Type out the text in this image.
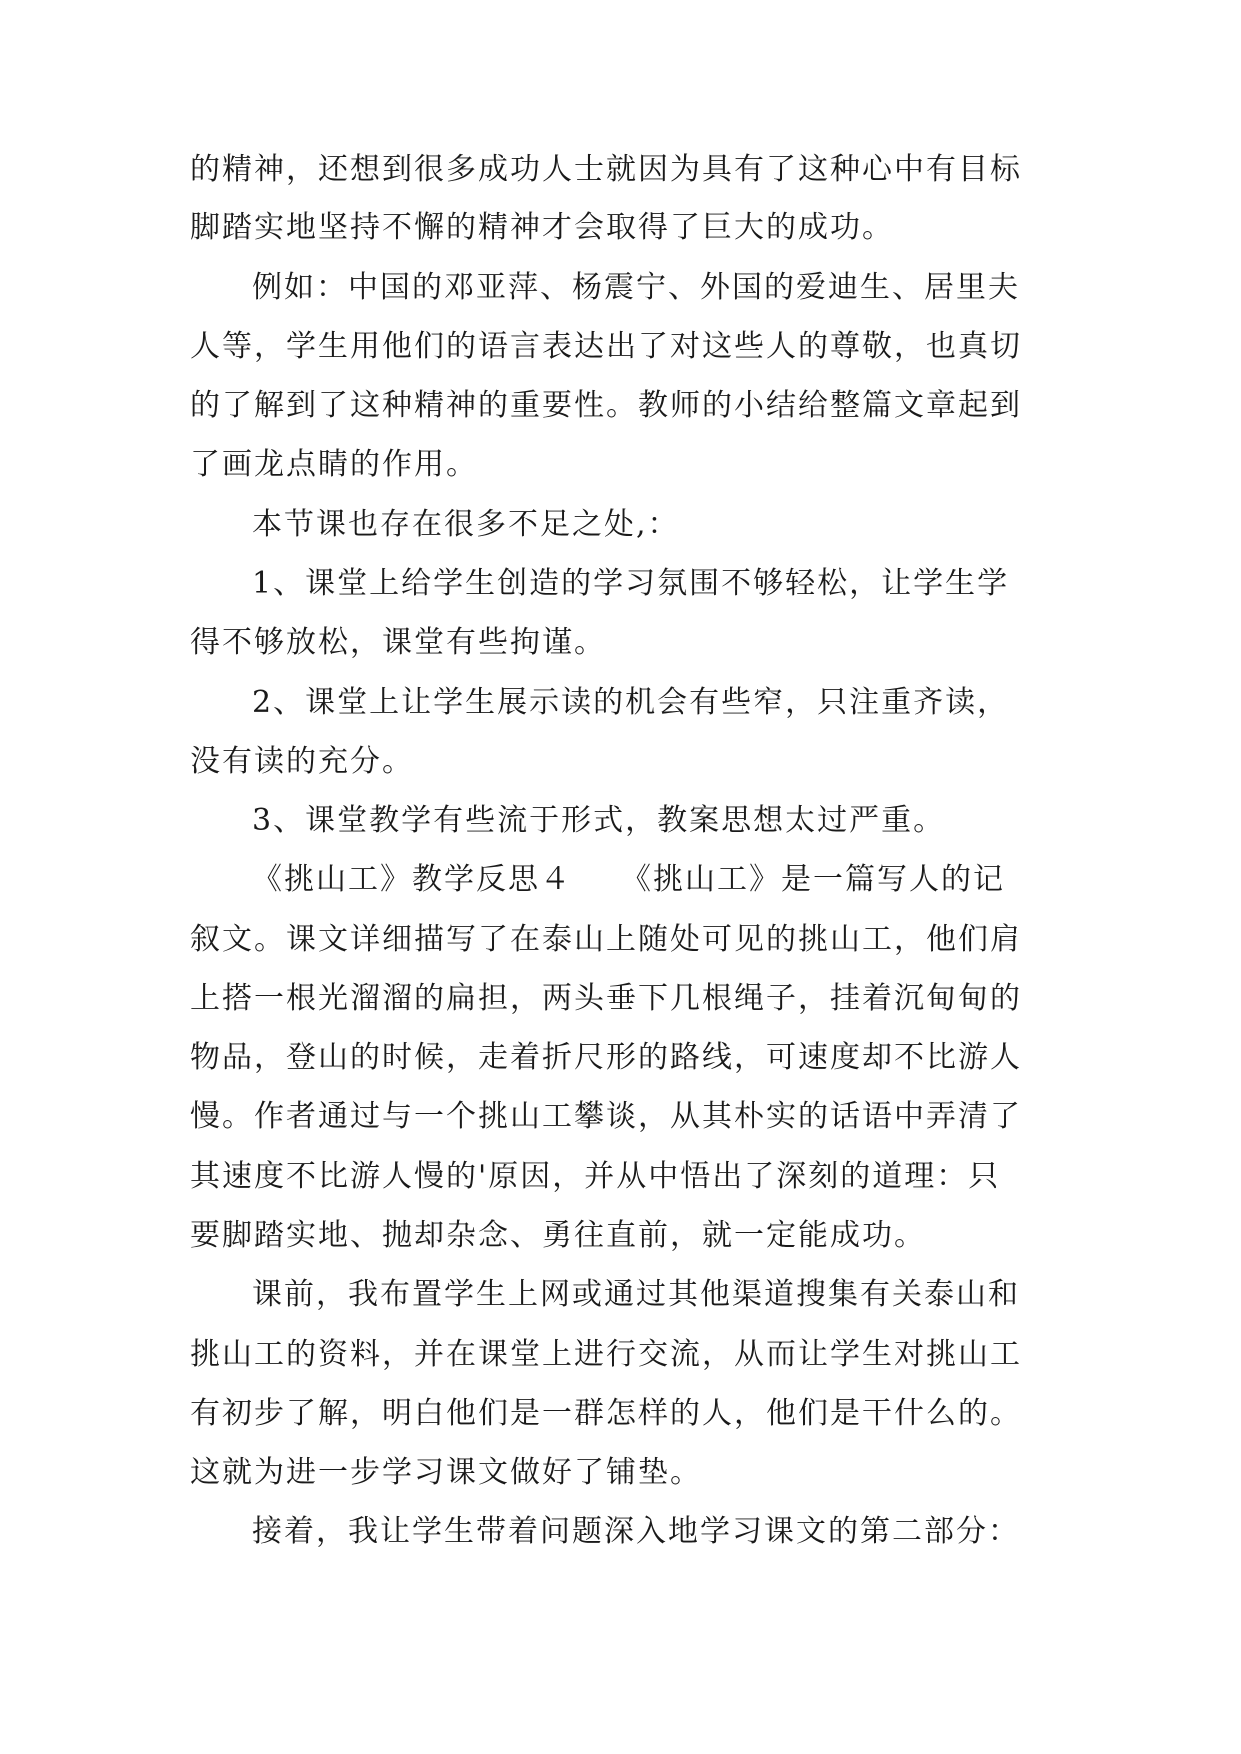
的精神，还想到很多成功人士就因为具有了这种心中有目标
脚踏实地坚持不懈的精神才会取得了巨大的成功。
例如：中国的邓亚萍、杨震宁、外国的爱迪生、居里夫
人等，学生用他们的语言表达出了对这些人的尊敬，也真切
的了解到了这种精神的重要性。教师的小结给整篇文章起到
了画龙点睛的作用。
本节课也存在很多不足之处,：
1、课堂上给学生创造的学习氛围不够轻松，让学生学
得不够放松，课堂有些拘谨。
2、课堂上让学生展示读的机会有些窄，只注重齐读，
没有读的充分。
3、课堂教学有些流于形式，教案思想太过严重。
《挑山工》教学反思４　　《挑山工》是一篇写人的记
叙文。课文详细描写了在泰山上随处可见的挑山工，他们肩
上搭一根光溜溜的扁担，两头垂下几根绳子，挂着沉甸甸的
物品，登山的时候，走着折尺形的路线，可速度却不比游人
慢。作者通过与一个挑山工攀谈，从其朴实的话语中弄清了
其速度不比游人慢的'原因，并从中悟出了深刻的道理：只
要脚踏实地、抛却杂念、勇往直前，就一定能成功。
课前，我布置学生上网或通过其他渠道搜集有关泰山和
挑山工的资料，并在课堂上进行交流，从而让学生对挑山工
有初步了解，明白他们是一群怎样的人，他们是干什么的。
这就为进一步学习课文做好了铺垫。
接着，我让学生带着问题深入地学习课文的第二部分：
